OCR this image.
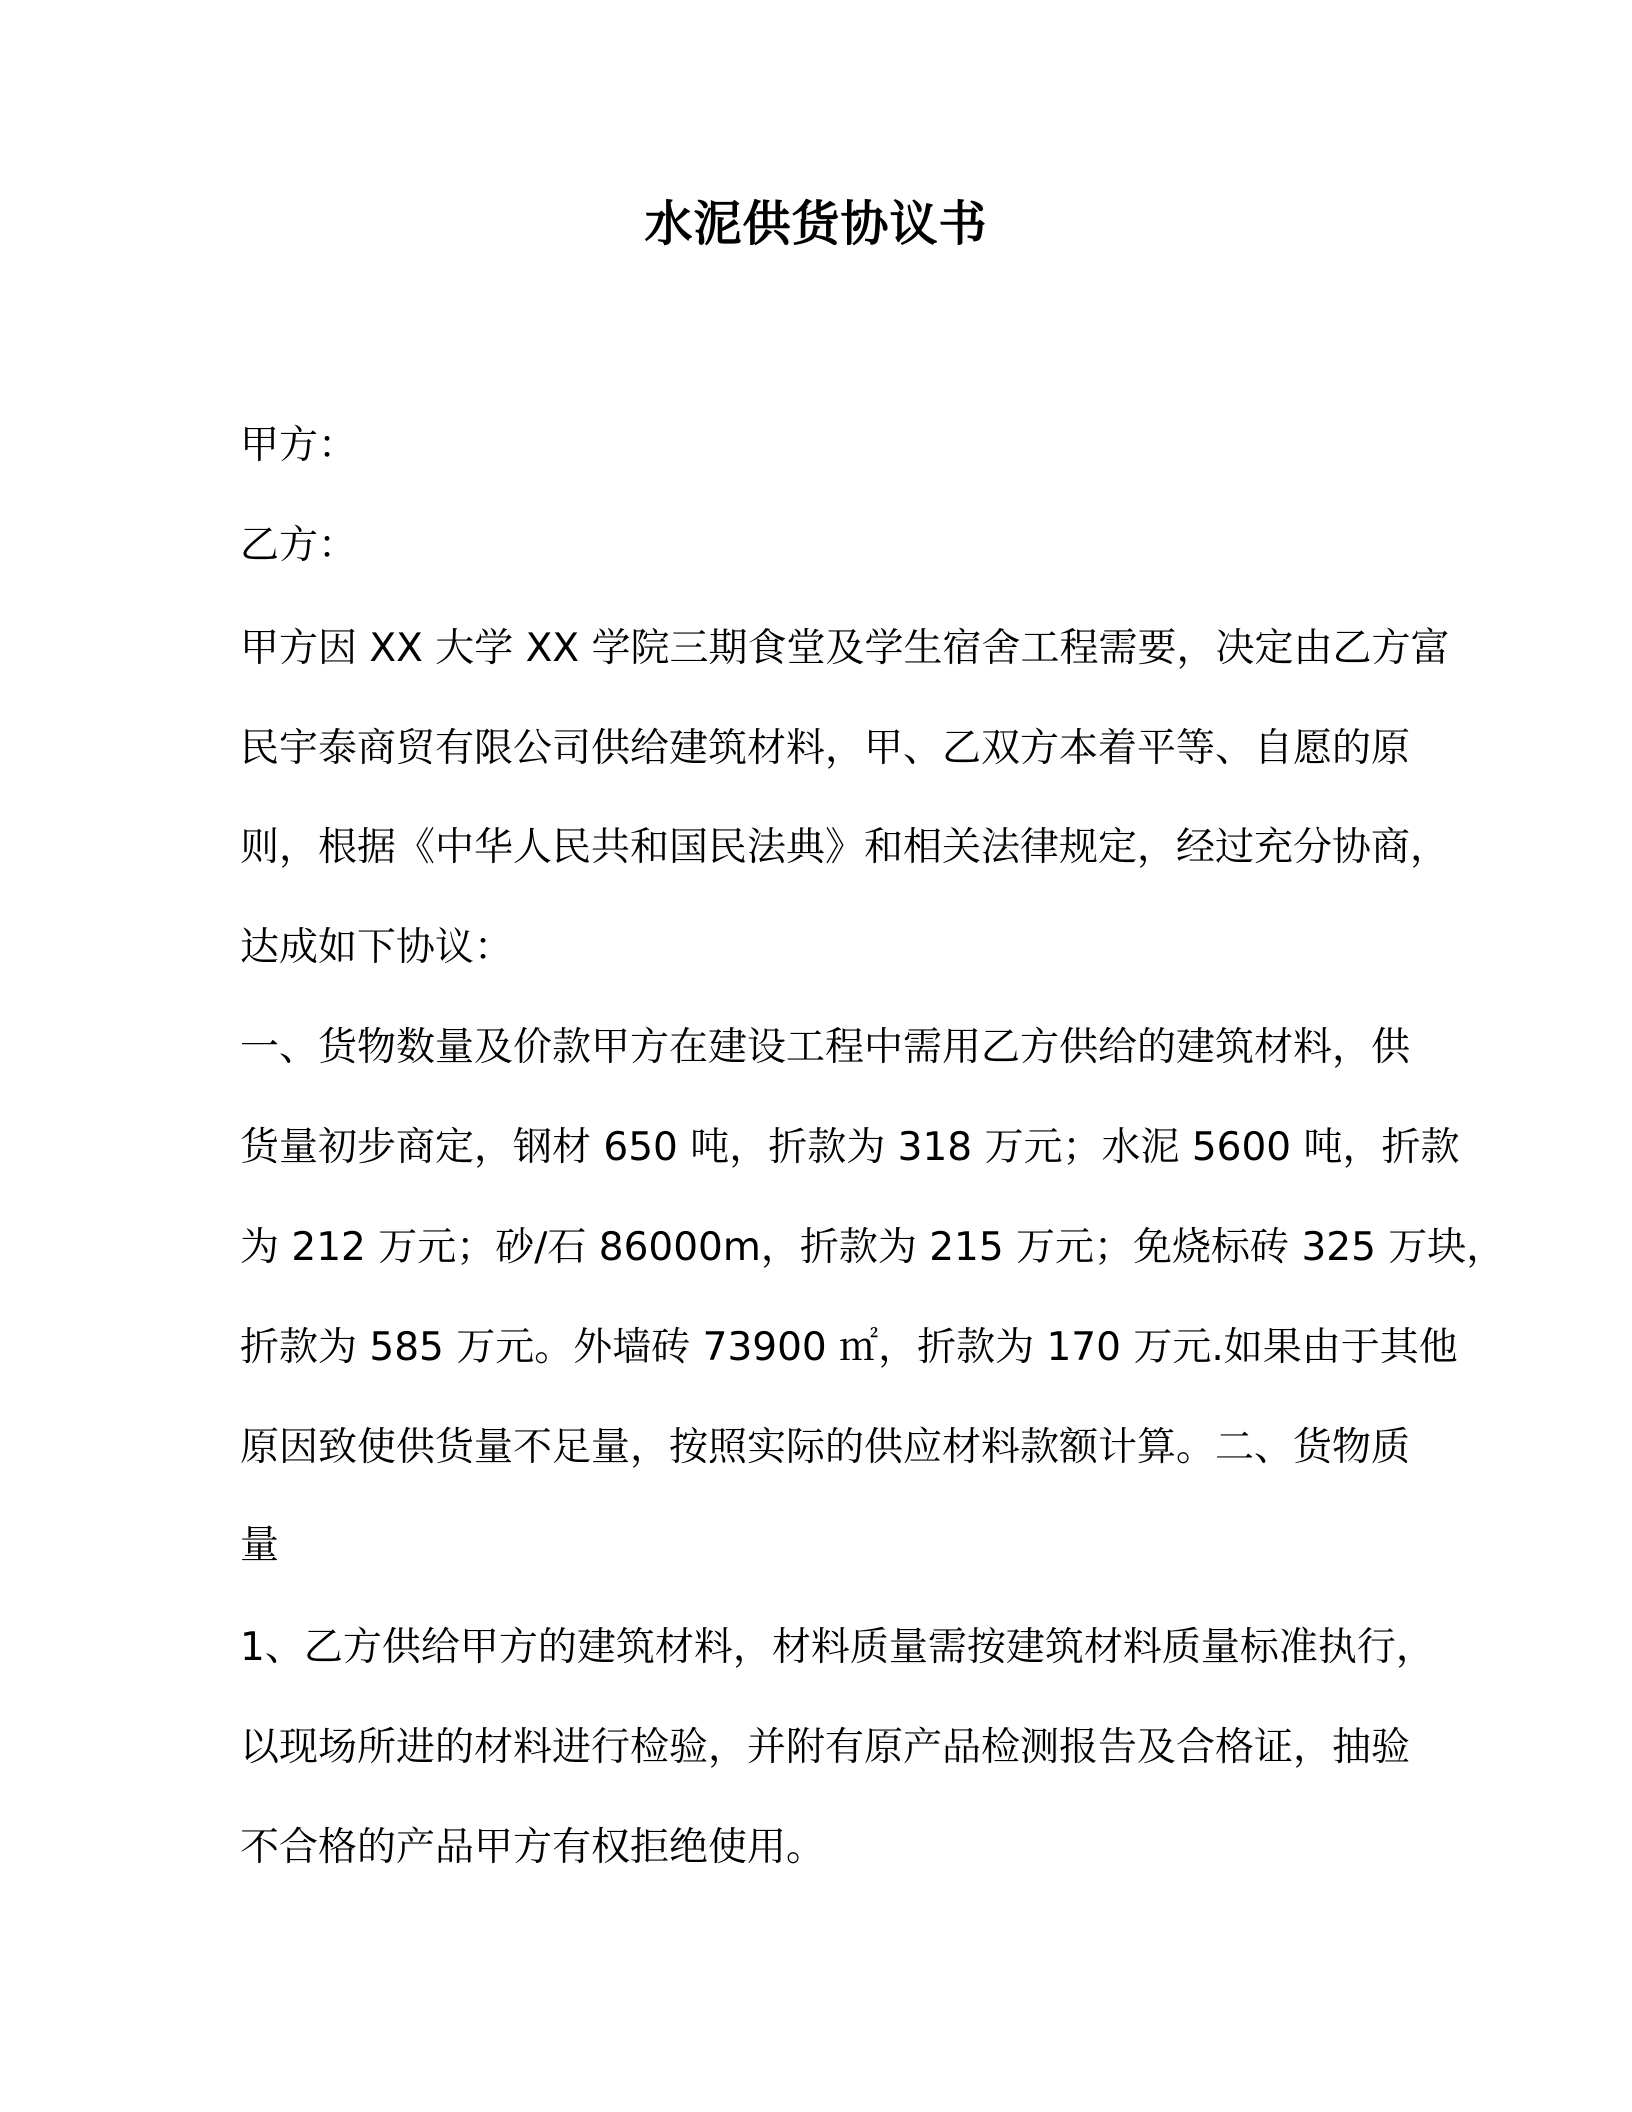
水泥供货协议书
甲方：
乙方：
甲方因 XX 大学 XX 学院三期食堂及学生宿舍工程需要，决定由乙方富
民宇泰商贸有限公司供给建筑材料，甲、乙双方本着平等、自愿的原
则，根据《中华人民共和国民法典》和相关法律规定，经过充分协商，
达成如下协议：
一、货物数量及价款甲方在建设工程中需用乙方供给的建筑材料，供
货量初步商定，钢材 650 吨，折款为 318 万元；水泥 5600 吨，折款
为 212 万元；砂/石 86000m，折款为 215 万元；免烧标砖 325 万块，
折款为 585 万元。外墙砖 73900 ㎡，折款为 170 万元.如果由于其他
原因致使供货量不足量，按照实际的供应材料款额计算。二、货物质
量
1、乙方供给甲方的建筑材料，材料质量需按建筑材料质量标准执行，
以现场所进的材料进行检验，并附有原产品检测报告及合格证，抽验
不合格的产品甲方有权拒绝使用。
